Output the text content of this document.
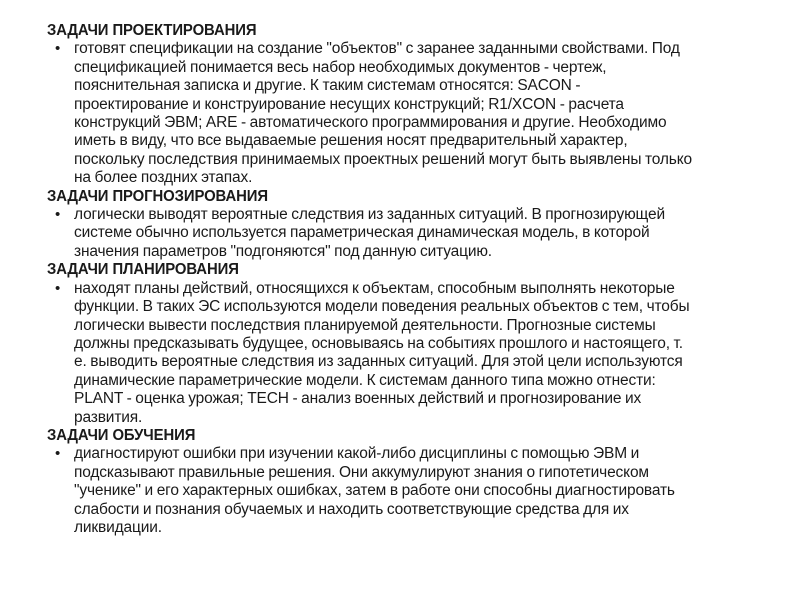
ЗАДАЧИ ПРОЕКТИРОВАНИЯ
• готовят спецификации на создание "объектов" с заранее заданными свойствами. Под
спецификацией понимается весь набор необходимых документов - чертеж,
пояснительная записка и другие. К таким системам относятся: SACON -
проектирование и конструирование несущих конструкций; R1/XCON - расчета
конструкций ЭВМ; ARE - автоматического программирования и другие. Необходимо
иметь в виду, что все выдаваемые решения носят предварительный характер,
поскольку последствия принимаемых проектных решений могут быть выявлены только
на более поздних этапах.

ЗАДАЧИ ПРОГНОЗИРОВАНИЯ
• логически выводят вероятные следствия из заданных ситуаций. В прогнозирующей
системе обычно используется параметрическая динамическая модель, в которой
значения параметров "подгоняются" под данную ситуацию.

ЗАДАЧИ ПЛАНИРОВАНИЯ
• находят планы действий, относящихся к объектам, способным выполнять некоторые
функции. В таких ЭС используются модели поведения реальных объектов с тем, чтобы
логически вывести последствия планируемой деятельности. Прогнозные системы
должны предсказывать будущее, основываясь на событиях прошлого и настоящего, т.
е. выводить вероятные следствия из заданных ситуаций. Для этой цели используются
динамические параметрические модели. К системам данного типа можно отнести:
PLANT - оценка урожая; TECH - анализ военных действий и прогнозирование их
развития.

ЗАДАЧИ ОБУЧЕНИЯ
• диагностируют ошибки при изучении какой-либо дисциплины с помощью ЭВМ и
подсказывают правильные решения. Они аккумулируют знания о гипотетическом
"ученике" и его характерных ошибках, затем в работе они способны диагностировать
слабости и познания обучаемых и находить соответствующие средства для их
ликвидации.
